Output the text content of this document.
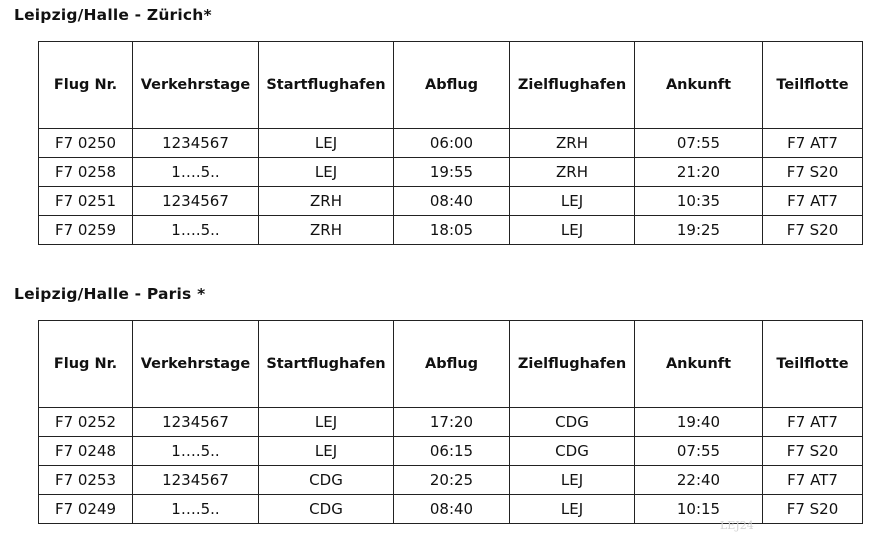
Leipzig/Halle - Zürich*
Flug Nr.	Verkehrstage	Startflughafen	Abflug	Zielflughafen	Ankunft	Teilflotte
F7 0250	1234567	LEJ	06:00	ZRH	07:55	F7 AT7
F7 0258	1….5..	LEJ	19:55	ZRH	21:20	F7 S20
F7 0251	1234567	ZRH	08:40	LEJ	10:35	F7 AT7
F7 0259	1….5..	ZRH	18:05	LEJ	19:25	F7 S20
Leipzig/Halle - Paris *
Flug Nr.	Verkehrstage	Startflughafen	Abflug	Zielflughafen	Ankunft	Teilflotte
F7 0252	1234567	LEJ	17:20	CDG	19:40	F7 AT7
F7 0248	1….5..	LEJ	06:15	CDG	07:55	F7 S20
F7 0253	1234567	CDG	20:25	LEJ	22:40	F7 AT7
F7 0249	1….5..	CDG	08:40	LEJ	10:15	F7 S20
LEJ24
